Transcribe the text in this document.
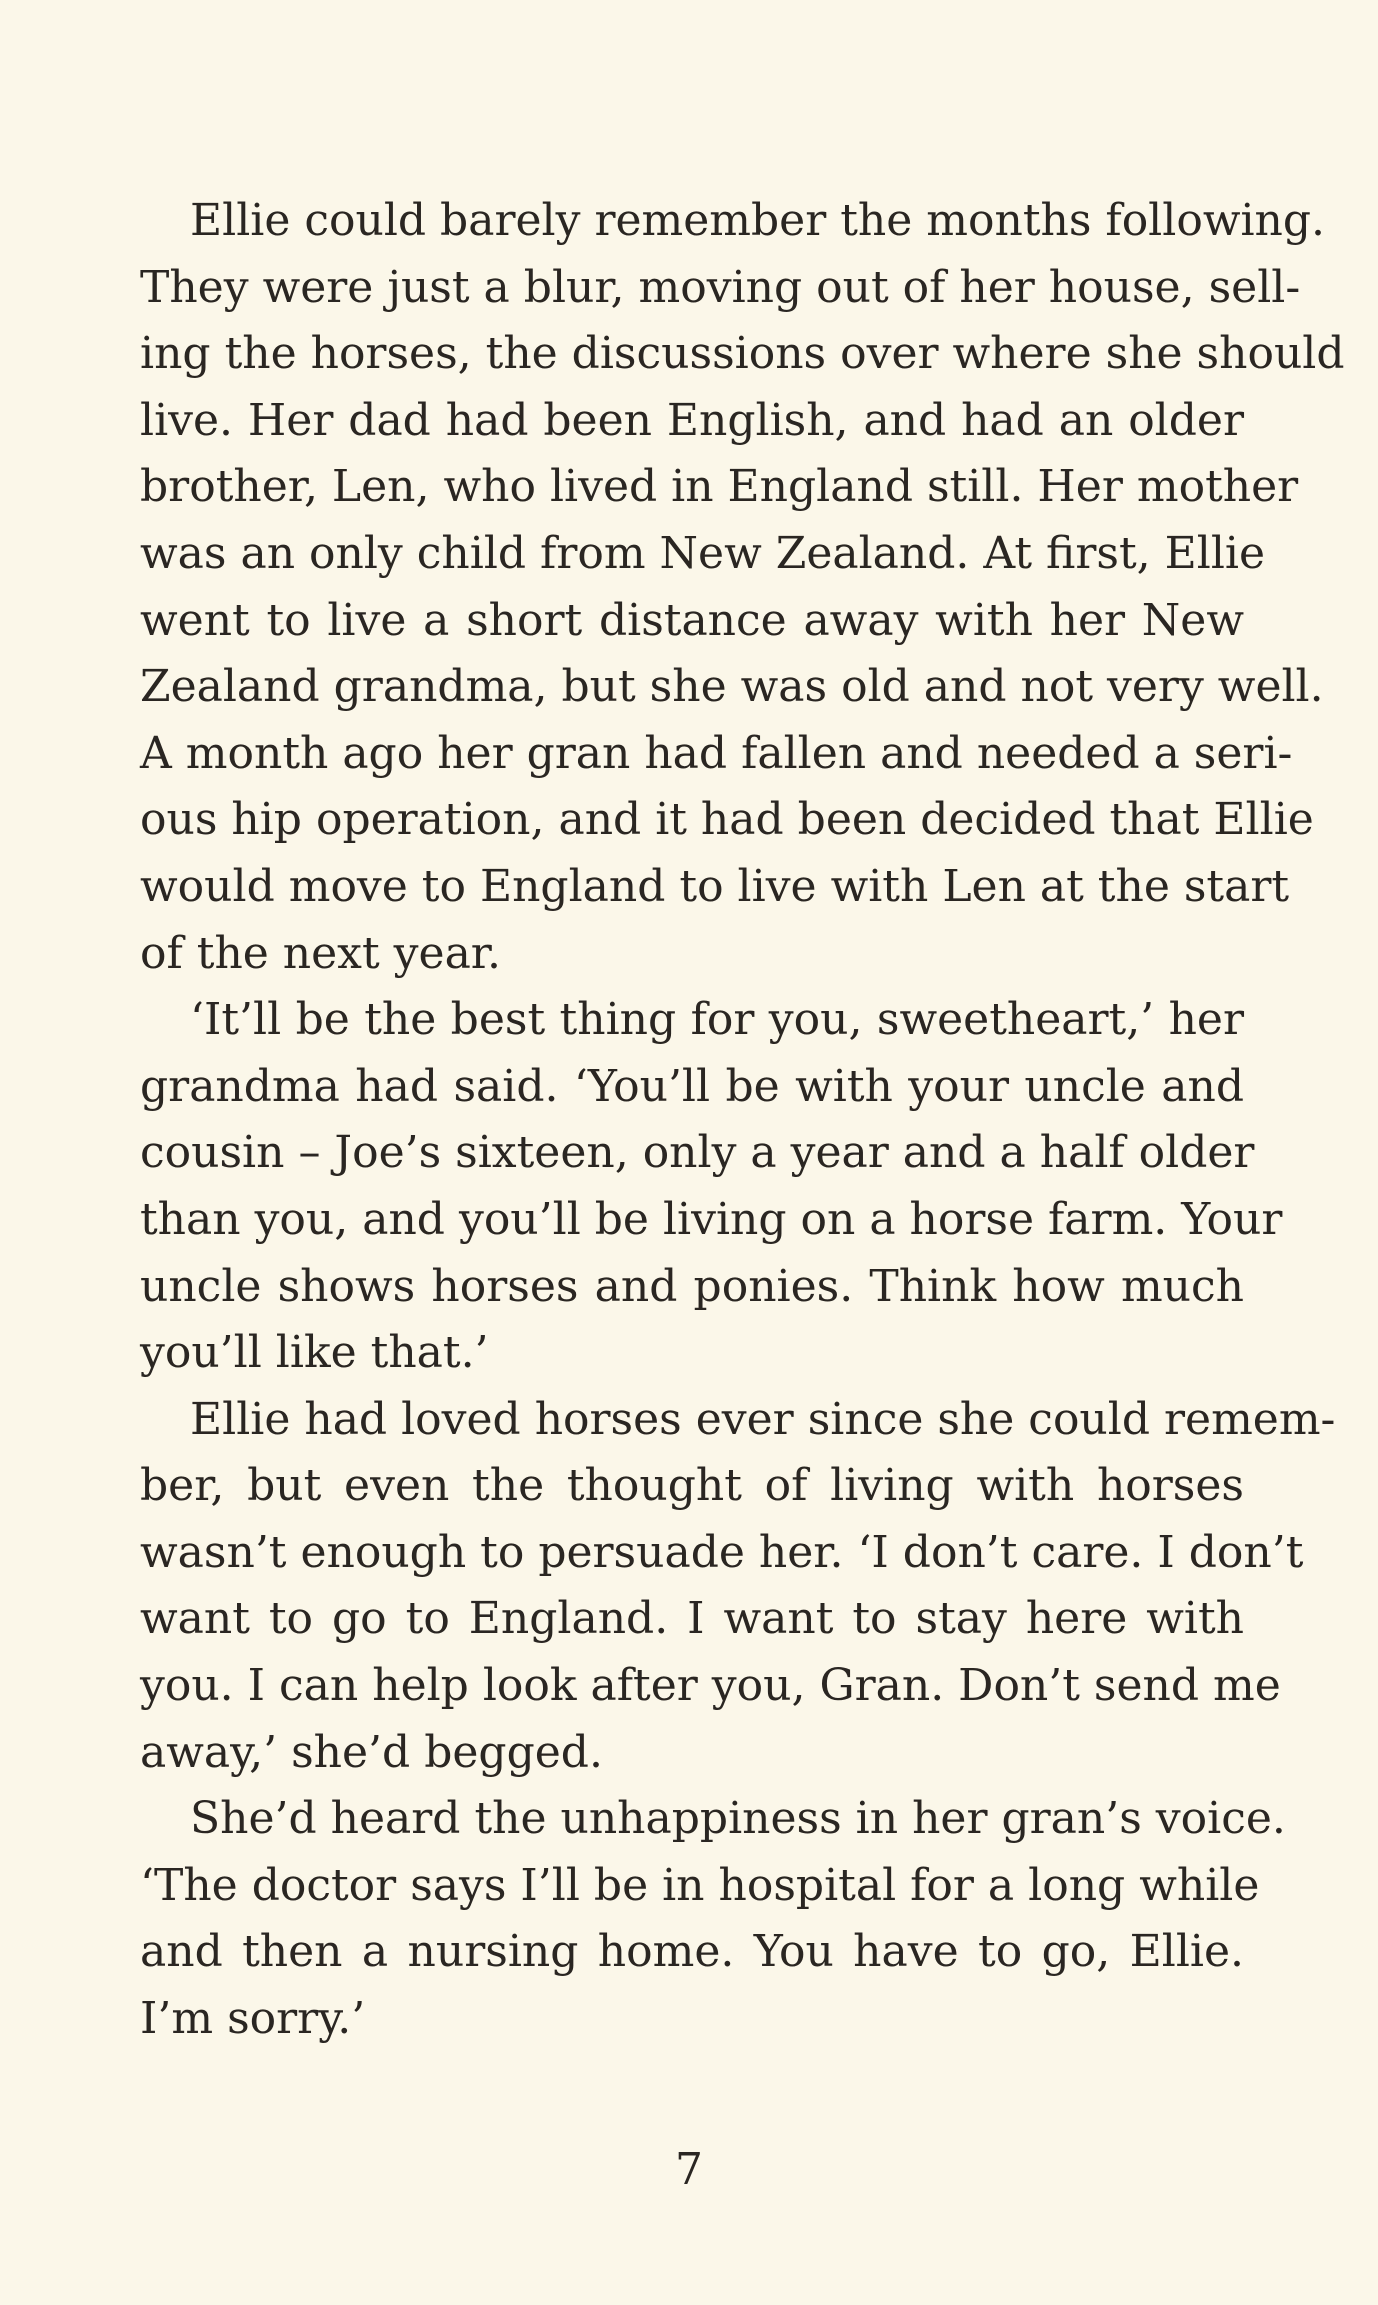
Ellie could barely remember the months following.
They were just a blur, moving out of her house, sell-
ing the horses, the discussions over where she should
live. Her dad had been English, and had an older
brother, Len, who lived in England still. Her mother
was an only child from New Zealand. At first, Ellie
went to live a short distance away with her New
Zealand grandma, but she was old and not very well.
A month ago her gran had fallen and needed a seri-
ous hip operation, and it had been decided that Ellie
would move to England to live with Len at the start
of the next year.
‘It’ll be the best thing for you, sweetheart,’ her
grandma had said. ‘You’ll be with your uncle and
cousin – Joe’s sixteen, only a year and a half older
than you, and you’ll be living on a horse farm. Your
uncle shows horses and ponies. Think how much
you’ll like that.’
Ellie had loved horses ever since she could remem-
ber, but even the thought of living with horses
wasn’t enough to persuade her. ‘I don’t care. I don’t
want to go to England. I want to stay here with
you. I can help look after you, Gran. Don’t send me
away,’ she’d begged.
She’d heard the unhappiness in her gran’s voice.
‘The doctor says I’ll be in hospital for a long while
and then a nursing home. You have to go, Ellie.
I’m sorry.’
7
